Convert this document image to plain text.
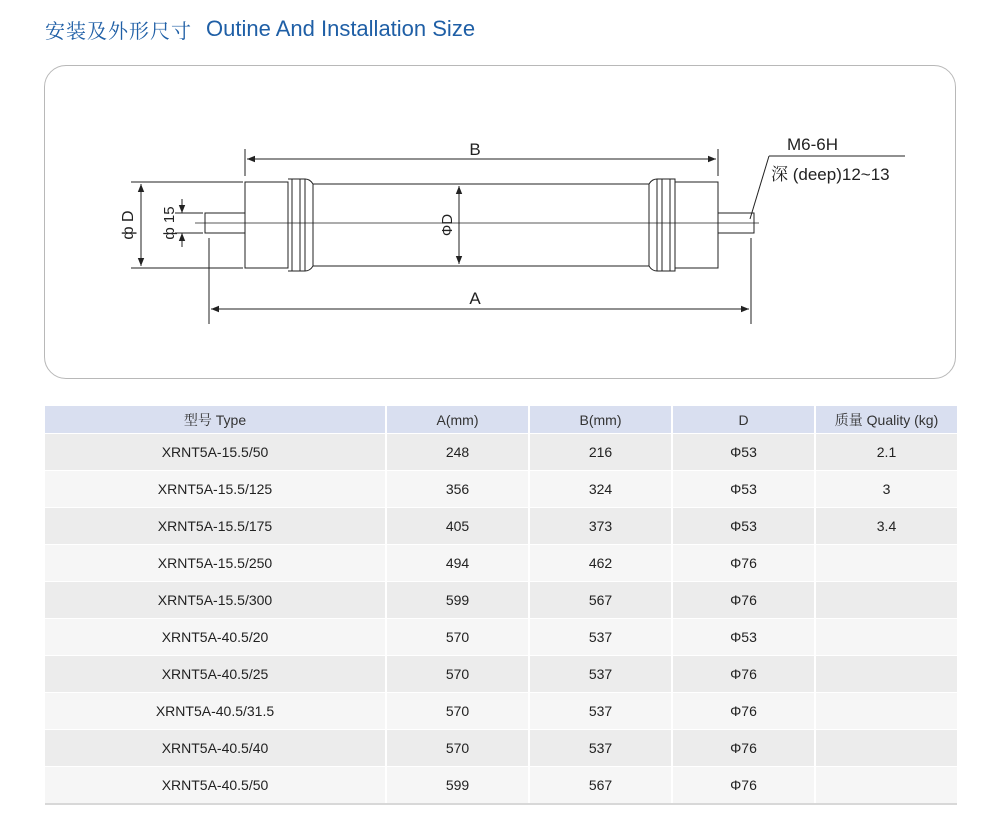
安装及外形尺寸 Outine And Installation Size
B
A
ф D ф 15	ФD
M6-6H
深 (deep)12~13
型号 Type	A(mm)	B(mm)	D	质量 Quality (kg)
XRNT5A-15.5/50	248	216	Φ53	2.1
XRNT5A-15.5/125	356	324	Φ53	3
XRNT5A-15.5/175	405	373	Φ53	3.4
XRNT5A-15.5/250	494	462	Φ76	
XRNT5A-15.5/300	599	567	Φ76	
XRNT5A-40.5/20	570	537	Φ53	
XRNT5A-40.5/25	570	537	Φ76	
XRNT5A-40.5/31.5	570	537	Φ76	
XRNT5A-40.5/40	570	537	Φ76	
XRNT5A-40.5/50	599	567	Φ76	
